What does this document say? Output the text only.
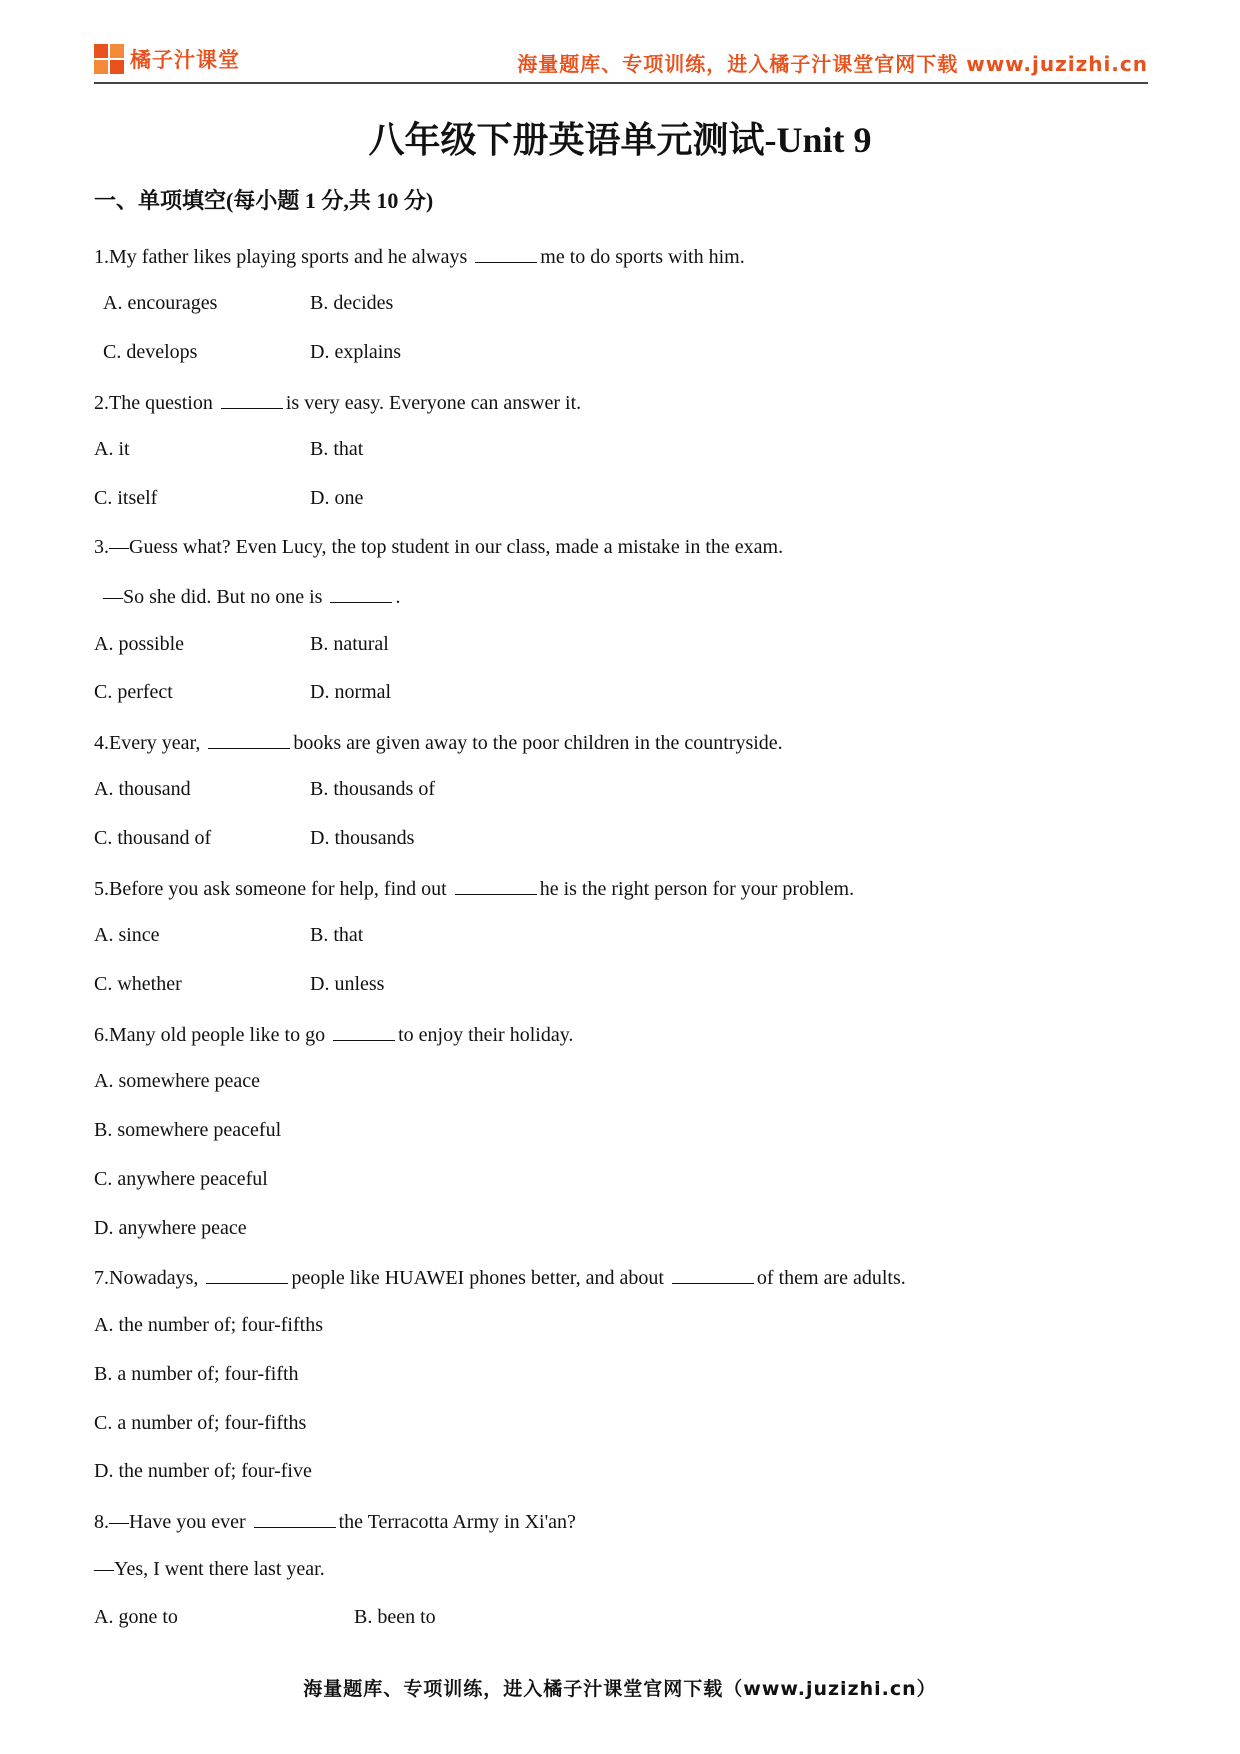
橘子汁课堂	海量题库、专项训练，进入橘子汁课堂官网下载 www.juzizhi.cn
八年级下册英语单元测试-Unit 9
一、单项填空(每小题 1 分,共 10 分)
1.My father likes playing sports and he always	me to do sports with him.
A. encourages	B. decides
C. develops	D. explains
2.The question	is very easy. Everyone can answer it.
A. it	B. that
C. itself	D. one
3.—Guess what? Even Lucy, the top student in our class, made a mistake in the exam.
—So she did. But no one is	.
A. possible	B. natural
C. perfect	D. normal
4.Every year,	books are given away to the poor children in the countryside.
A. thousand	B. thousands of
C. thousand of	D. thousands
5.Before you ask someone for help, find out	he is the right person for your problem.
A. since	B. that
C. whether	D. unless
6.Many old people like to go	to enjoy their holiday.
A. somewhere peace
B. somewhere peaceful
C. anywhere peaceful
D. anywhere peace
7.Nowadays,	people like HUAWEI phones better, and about	of them are adults.
A. the number of; four-fifths
B. a number of; four-fifth
C. a number of; four-fifths
D. the number of; four-five
8.—Have you ever	the Terracotta Army in Xi'an?
—Yes, I went there last year.
A. gone to	B. been to
海量题库、专项训练，进入橘子汁课堂官网下载（www.juzizhi.cn）
